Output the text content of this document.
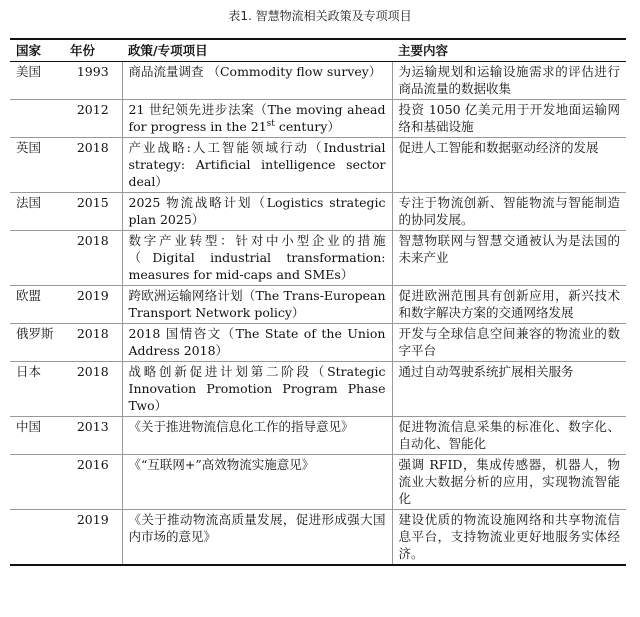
表1. 智慧物流相关政策及专项项目
国家	年份	政策/专项项目	主要内容
美国	1993	商品流量调查 （Commodity flow survey）	为运输规划和运输设施需求的评估进行商品流量的数据收集
	2012	21 世纪领先进步法案（The moving ahead for progress in the 21st century）	投资 1050 亿美元用于开发地面运输网络和基础设施
英国	2018	产业战略:人工智能领域行动（Industrial strategy: Artificial intelligence sector deal）	促进人工智能和数据驱动经济的发展
法国	2015	2025 物流战略计划（Logistics strategic plan 2025）	专注于物流创新、智能物流与智能制造的协同发展。
	2018	数字产业转型：针对中小型企业的措施（Digital industrial transformation: measures for mid-caps and SMEs）	智慧物联网与智慧交通被认为是法国的未来产业
欧盟	2019	跨欧洲运输网络计划（The Trans-European Transport Network policy）	促进欧洲范围具有创新应用，新兴技术和数字解决方案的交通网络发展
俄罗斯	2018	2018 国情咨文（The State of the Union Address 2018）	开发与全球信息空间兼容的物流业的数字平台
日本	2018	战略创新促进计划第二阶段（Strategic Innovation Promotion Program Phase Two）	通过自动驾驶系统扩展相关服务
中国	2013	《关于推进物流信息化工作的指导意见》	促进物流信息采集的标准化、数字化、自动化、智能化
	2016	《“互联网+”高效物流实施意见》	强调 RFID，集成传感器，机器人，物流业大数据分析的应用，实现物流智能化
	2019	《关于推动物流高质量发展，促进形成强大国内市场的意见》	建设优质的物流设施网络和共享物流信息平台，支持物流业更好地服务实体经济。
